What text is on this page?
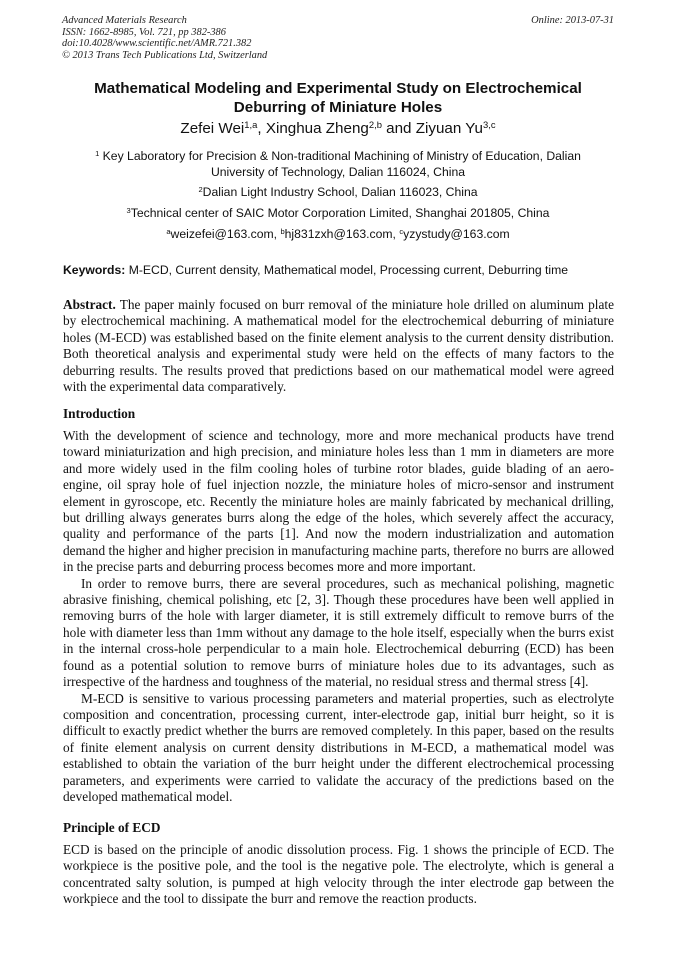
Advanced Materials Research
ISSN: 1662-8985, Vol. 721, pp 382-386
doi:10.4028/www.scientific.net/AMR.721.382
© 2013 Trans Tech Publications Ltd, Switzerland
Online: 2013-07-31
Mathematical Modeling and Experimental Study on Electrochemical
Deburring of Miniature Holes
Zefei Wei$^{1,a}$, Xinghua Zheng$^{2,b}$ and Ziyuan Yu$^{3,c}$
$^1$ Key Laboratory for Precision & Non-traditional Machining of Ministry of Education, Dalian
University of Technology, Dalian 116024, China
$^2$Dalian Light Industry School, Dalian 116023, China
$^3$Technical center of SAIC Motor Corporation Limited, Shanghai 201805, China
$^a$weizefei@163.com, $^b$hj831zxh@163.com, $^c$yzystudy@163.com
Keywords: M-ECD, Current density, Mathematical model, Processing current, Deburring time

Abstract. The paper mainly focused on burr removal of the miniature hole drilled on aluminum plate by electrochemical machining. A mathematical model for the electrochemical deburring of miniature holes (M-ECD) was established based on the finite element analysis to the current density distribution. Both theoretical analysis and experimental study were held on the effects of many factors to the deburring results. The results proved that predictions based on our mathematical model were agreed with the experimental data comparatively.

Introduction

With the development of science and technology, more and more mechanical products have trend toward miniaturization and high precision, and miniature holes less than 1 mm in diameters are more and more widely used in the film cooling holes of turbine rotor blades, guide blading of an aero-engine, oil spray hole of fuel injection nozzle, the miniature holes of micro-sensor and instrument element in gyroscope, etc. Recently the miniature holes are mainly fabricated by mechanical drilling, but drilling always generates burrs along the edge of the holes, which severely affect the accuracy, quality and performance of the parts [1]. And now the modern industrialization and automation demand the higher and higher precision in manufacturing machine parts, therefore no burrs are allowed in the precise parts and deburring process becomes more and more important.

In order to remove burrs, there are several procedures, such as mechanical polishing, magnetic abrasive finishing, chemical polishing, etc [2, 3]. Though these procedures have been well applied in removing burrs of the hole with larger diameter, it is still extremely difficult to remove burrs of the hole with diameter less than 1mm without any damage to the hole itself, especially when the burrs exist in the internal cross-hole perpendicular to a main hole. Electrochemical deburring (ECD) has been found as a potential solution to remove burrs of miniature holes due to its advantages, such as irrespective of the hardness and toughness of the material, no residual stress and thermal stress [4].

M-ECD is sensitive to various processing parameters and material properties, such as electrolyte composition and concentration, processing current, inter-electrode gap, initial burr height, so it is difficult to exactly predict whether the burrs are removed completely. In this paper, based on the results of finite element analysis on current density distributions in M-ECD, a mathematical model was established to obtain the variation of the burr height under the different electrochemical processing parameters, and experiments were carried to validate the accuracy of the predictions based on the developed mathematical model.

Principle of ECD

ECD is based on the principle of anodic dissolution process. Fig. 1 shows the principle of ECD. The workpiece is the positive pole, and the tool is the negative pole. The electrolyte, which is general a concentrated salty solution, is pumped at high velocity through the inter electrode gap between the workpiece and the tool to dissipate the burr and remove the reaction products.
